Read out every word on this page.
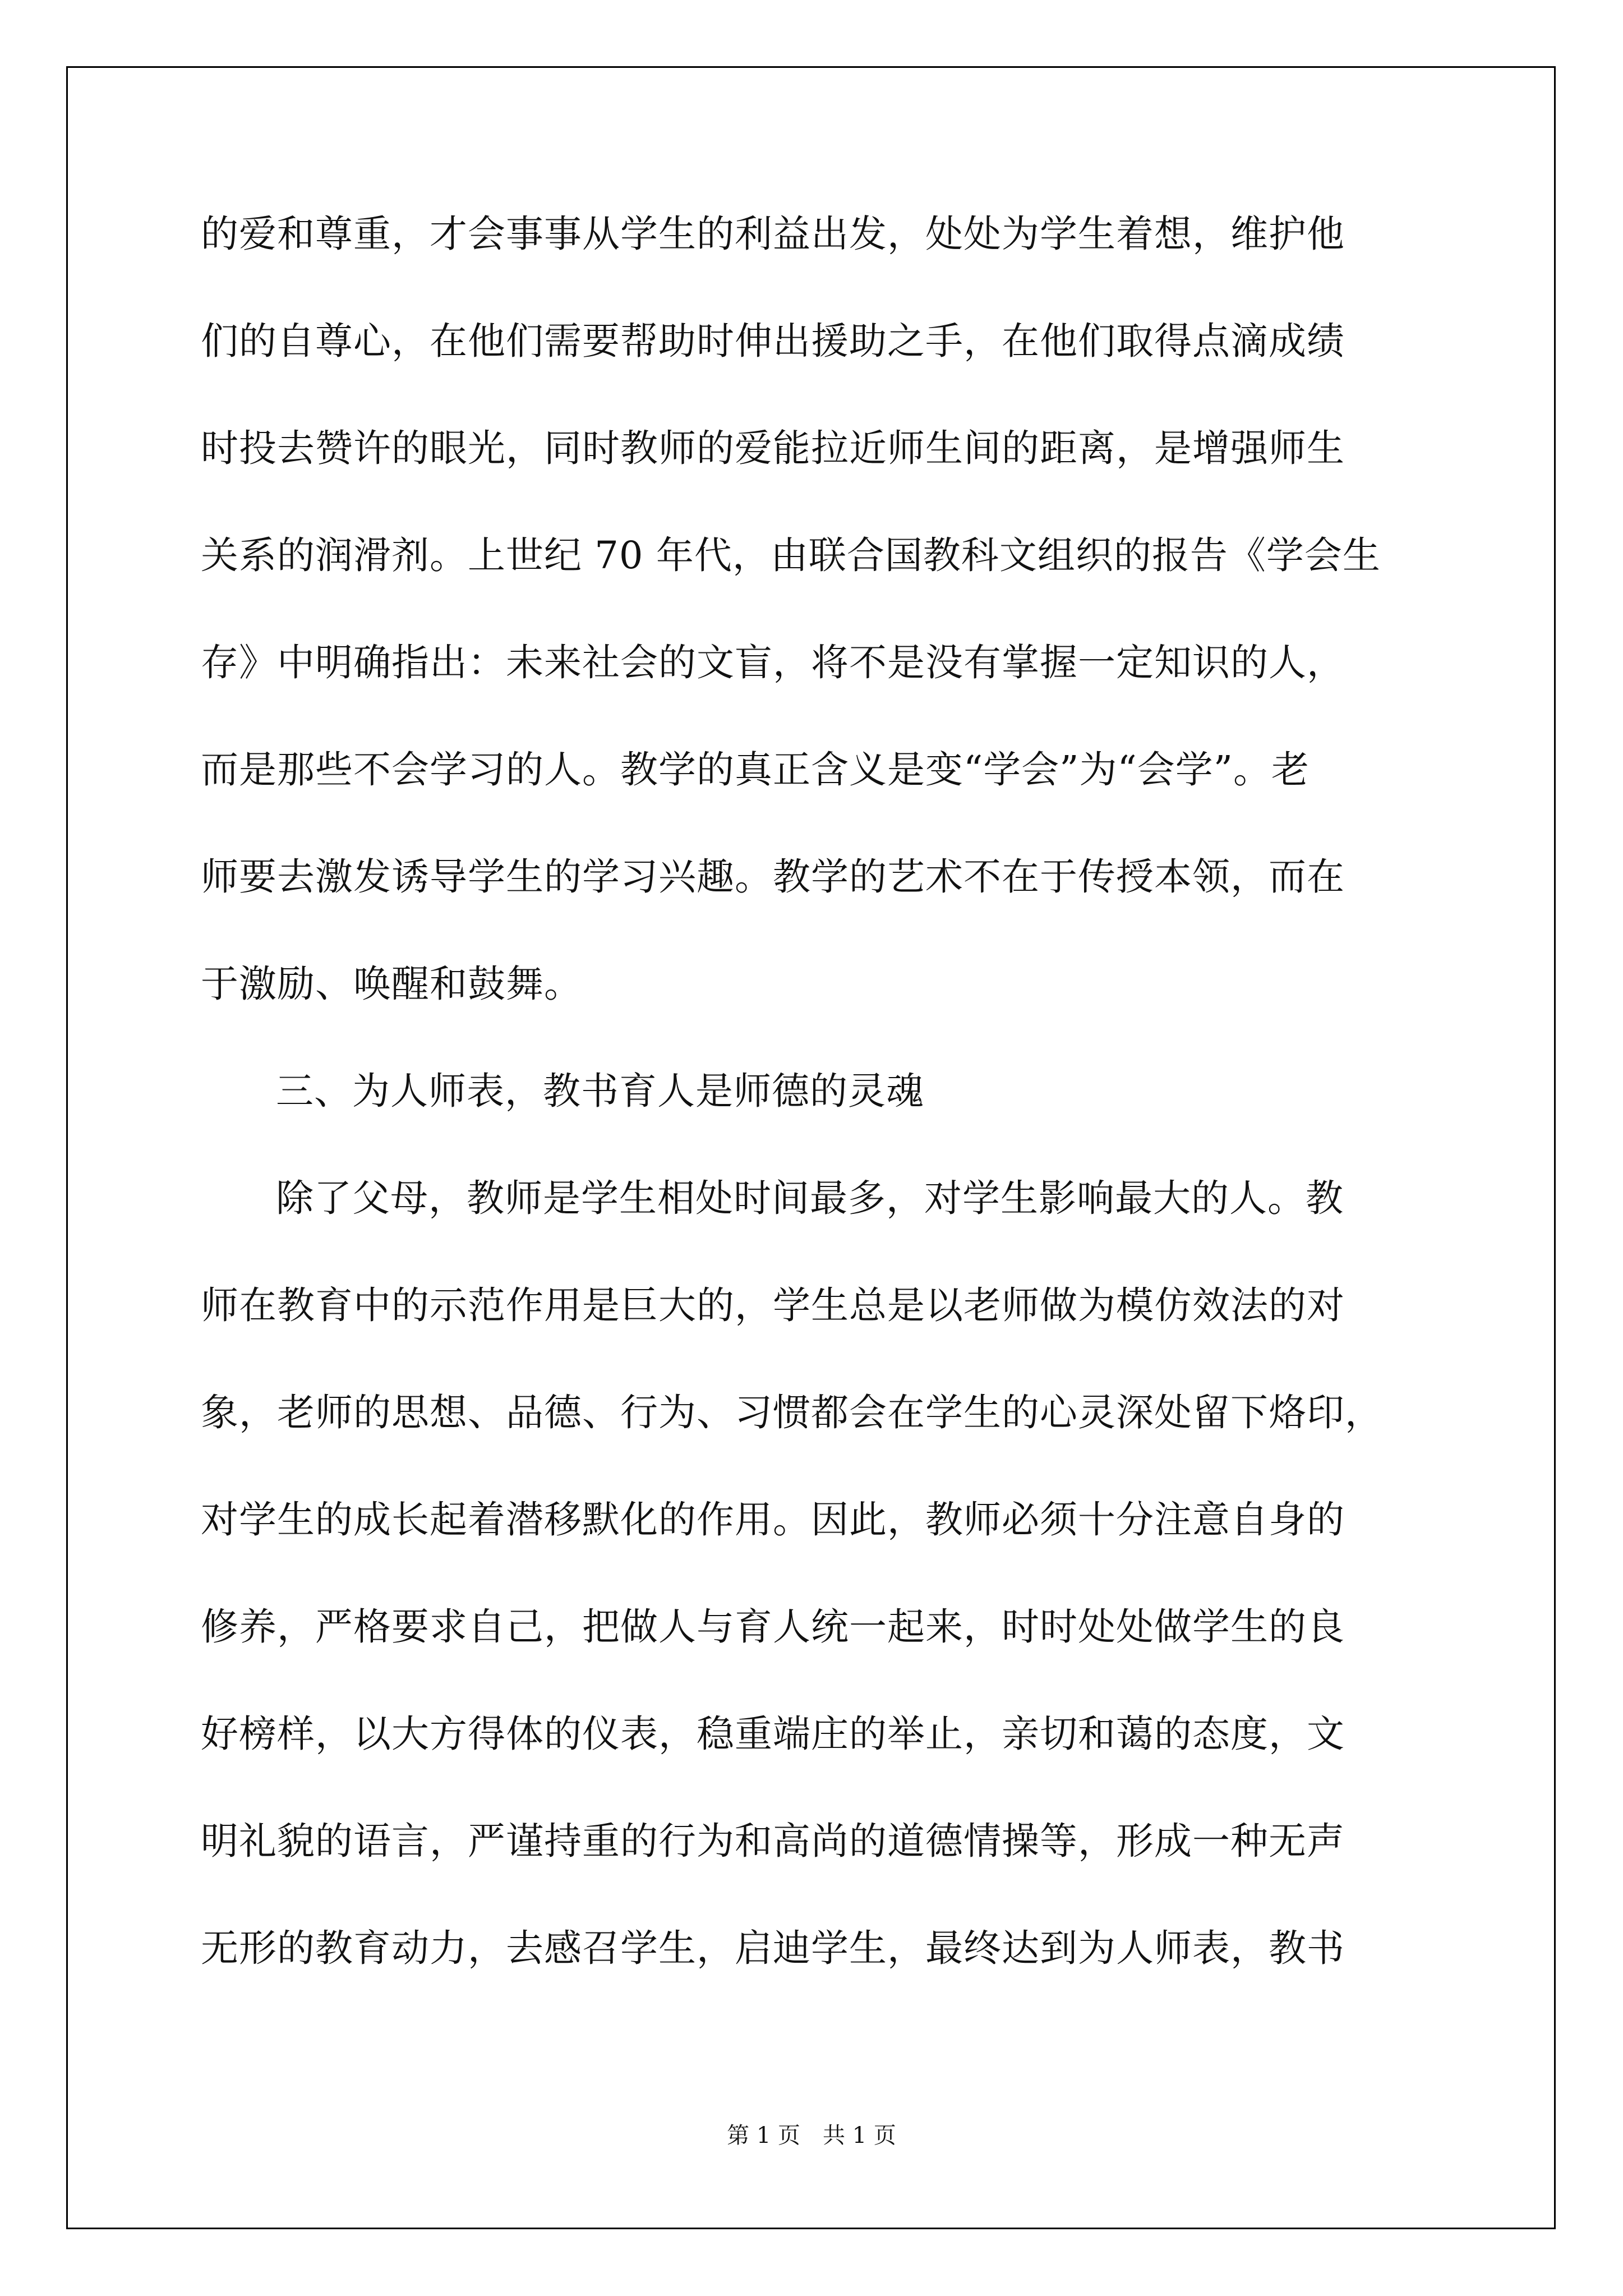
的爱和尊重，才会事事从学生的利益出发，处处为学生着想，维护他
们的自尊心，在他们需要帮助时伸出援助之手，在他们取得点滴成绩
时投去赞许的眼光，同时教师的爱能拉近师生间的距离，是增强师生
关系的润滑剂。上世纪 70 年代，由联合国教科文组织的报告《学会生
存》中明确指出：未来社会的文盲，将不是没有掌握一定知识的人，
而是那些不会学习的人。教学的真正含义是变“学会”为“会学”。老
师要去激发诱导学生的学习兴趣。教学的艺术不在于传授本领，而在
于激励、唤醒和鼓舞。
三、为人师表，教书育人是师德的灵魂
除了父母，教师是学生相处时间最多，对学生影响最大的人。教
师在教育中的示范作用是巨大的，学生总是以老师做为模仿效法的对
象，老师的思想、品德、行为、习惯都会在学生的心灵深处留下烙印，
对学生的成长起着潜移默化的作用。因此，教师必须十分注意自身的
修养，严格要求自己，把做人与育人统一起来，时时处处做学生的良
好榜样，以大方得体的仪表，稳重端庄的举止，亲切和蔼的态度，文
明礼貌的语言，严谨持重的行为和高尚的道德情操等，形成一种无声
无形的教育动力，去感召学生，启迪学生，最终达到为人师表，教书
第 1 页 共 1 页
